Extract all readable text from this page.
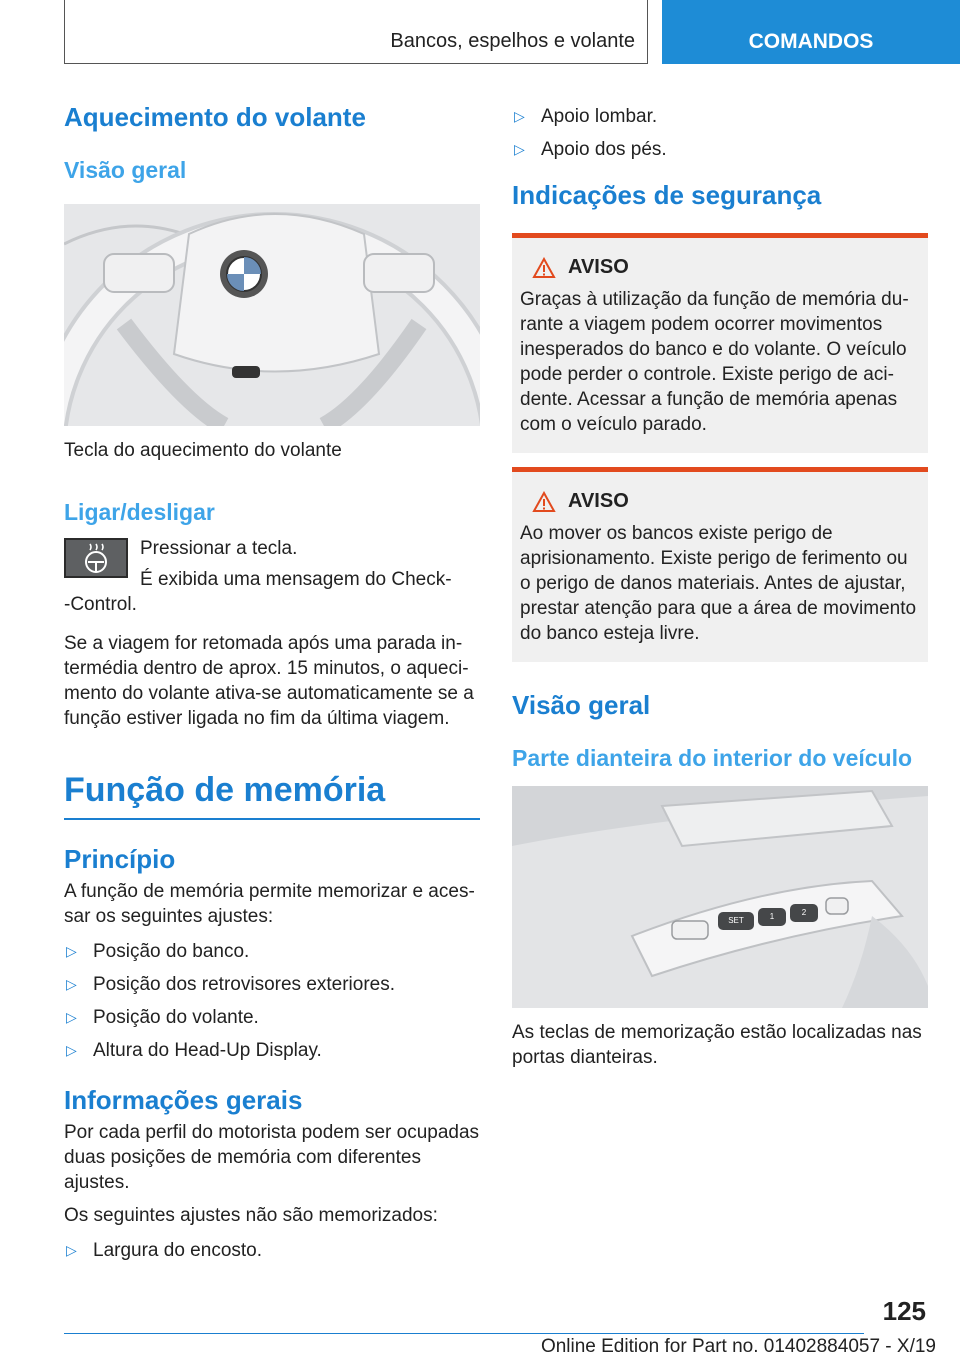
Bancos, espelhos e volante	COMANDOS
Aquecimento do volante
Visão geral

Tecla do aquecimento do volante

Ligar/desligar

Pressionar a tecla.

É exibida uma mensagem do Check-

-Control.

Se a viagem for retomada após uma parada intermédia dentro de aprox. 15 minutos, o aquecimento do volante ativa-se automaticamente se a função estiver ligada no fim da última viagem.

Função de memória
Princípio

A função de memória permite memorizar e acessar os seguintes ajustes:

▷ Posição do banco.
▷ Posição dos retrovisores exteriores.
▷ Posição do volante.
▷ Altura do Head-Up Display.
Informações gerais

Por cada perfil do motorista podem ser ocupadas duas posições de memória com diferentes ajustes.

Os seguintes ajustes não são memorizados:

▷ Largura do encosto.
▷ Apoio lombar.
▷ Apoio dos pés.
Indicações de segurança
AVISO

Graças à utilização da função de memória durante a viagem podem ocorrer movimentos inesperados do banco e do volante. O veículo pode perder o controle. Existe perigo de acidente. Acessar a função de memória apenas com o veículo parado.

AVISO

Ao mover os bancos existe perigo de aprisionamento. Existe perigo de ferimento ou o perigo de danos materiais. Antes de ajustar, prestar atenção para que a área de movimento do banco esteja livre.

Visão geral
Parte dianteira do interior do veículo
SET	1	2

As teclas de memorização estão localizadas nas portas dianteiras.

125
Online Edition for Part no. 01402884057 - X/19
